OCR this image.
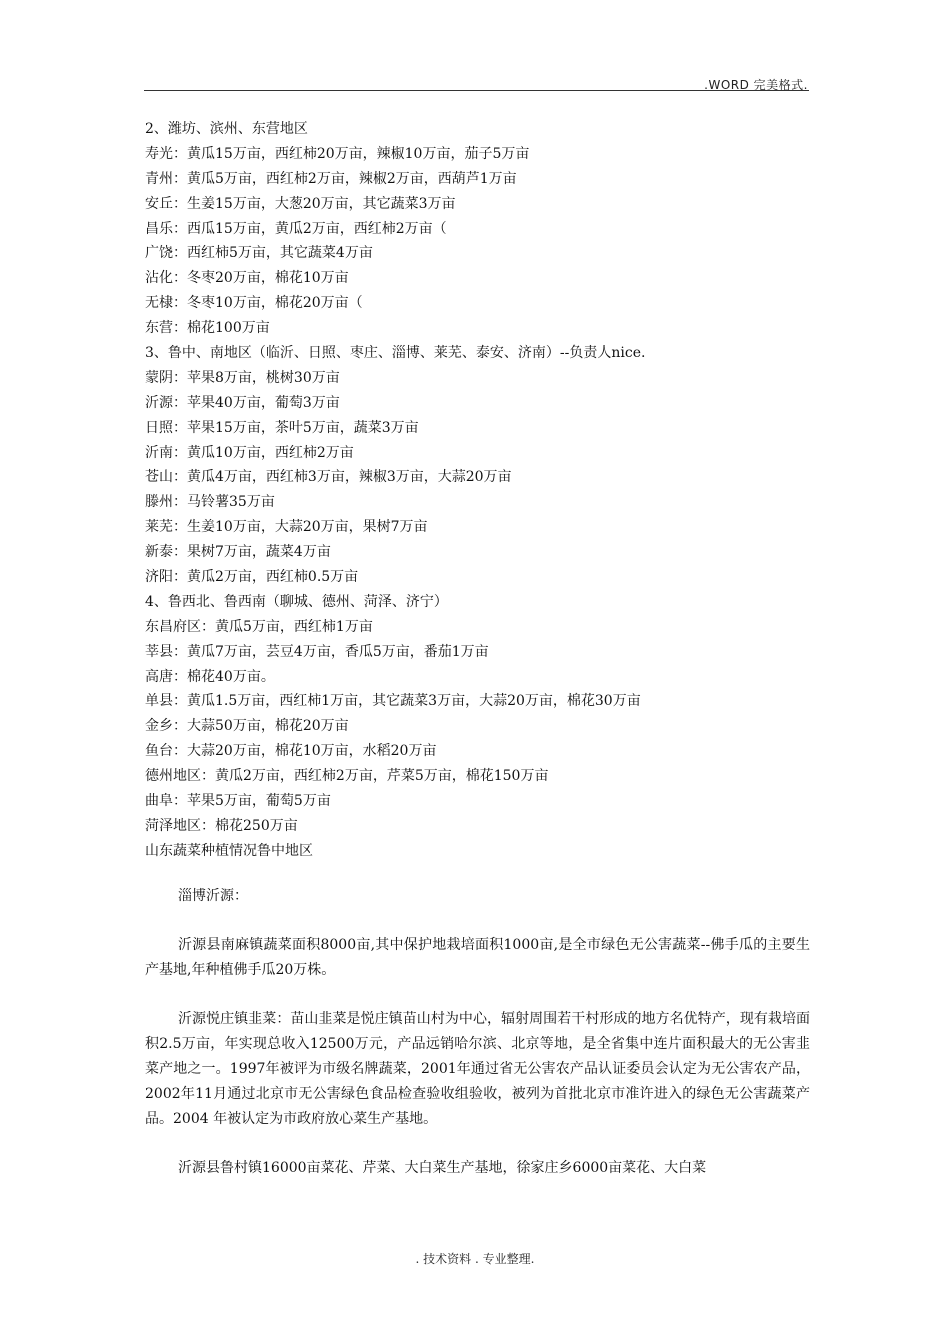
.WORD 完美格式.
2、潍坊、滨州、东营地区
寿光：黄瓜15万亩，西红柿20万亩，辣椒10万亩，茄子5万亩
青州：黄瓜5万亩，西红柿2万亩，辣椒2万亩，西葫芦1万亩
安丘：生姜15万亩，大葱20万亩，其它蔬菜3万亩
昌乐：西瓜15万亩，黄瓜2万亩，西红柿2万亩（
广饶：西红柿5万亩，其它蔬菜4万亩
沾化：冬枣20万亩，棉花10万亩
无棣：冬枣10万亩，棉花20万亩（
东营：棉花100万亩
3、鲁中、南地区（临沂、日照、枣庄、淄博、莱芜、泰安、济南）--负责人nice.
蒙阴：苹果8万亩，桃树30万亩
沂源：苹果40万亩，葡萄3万亩
日照：苹果15万亩，茶叶5万亩，蔬菜3万亩
沂南：黄瓜10万亩，西红柿2万亩
苍山：黄瓜4万亩，西红柿3万亩，辣椒3万亩，大蒜20万亩
滕州：马铃薯35万亩
莱芜：生姜10万亩，大蒜20万亩，果树7万亩
新泰：果树7万亩，蔬菜4万亩
济阳：黄瓜2万亩，西红柿0.5万亩
4、鲁西北、鲁西南（聊城、德州、菏泽、济宁）
东昌府区：黄瓜5万亩，西红柿1万亩
莘县：黄瓜7万亩，芸豆4万亩，香瓜5万亩，番茄1万亩
高唐：棉花40万亩。
单县：黄瓜1.5万亩，西红柿1万亩，其它蔬菜3万亩，大蒜20万亩，棉花30万亩
金乡：大蒜50万亩，棉花20万亩
鱼台：大蒜20万亩，棉花10万亩，水稻20万亩
德州地区：黄瓜2万亩，西红柿2万亩，芹菜5万亩，棉花150万亩
曲阜：苹果5万亩，葡萄5万亩
菏泽地区：棉花250万亩
山东蔬菜种植情况鲁中地区

淄博沂源：

沂源县南麻镇蔬菜面积8000亩,其中保护地栽培面积1000亩,是全市绿色无公害蔬菜--佛手瓜的主要生产基地,年种植佛手瓜20万株。

沂源悦庄镇韭菜：苗山韭菜是悦庄镇苗山村为中心，辐射周围若干村形成的地方名优特产，现有栽培面积2.5万亩，年实现总收入12500万元，产品远销哈尔滨、北京等地，是全省集中连片面积最大的无公害韭菜产地之一。1997年被评为市级名牌蔬菜，2001年通过省无公害农产品认证委员会认定为无公害农产品，2002年11月通过北京市无公害绿色食品检查验收组验收，被列为首批北京市准许进入的绿色无公害蔬菜产品。2004 年被认定为市政府放心菜生产基地。

沂源县鲁村镇16000亩菜花、芹菜、大白菜生产基地，徐家庄乡6000亩菜花、大白菜

. 技术资料 . 专业整理.
